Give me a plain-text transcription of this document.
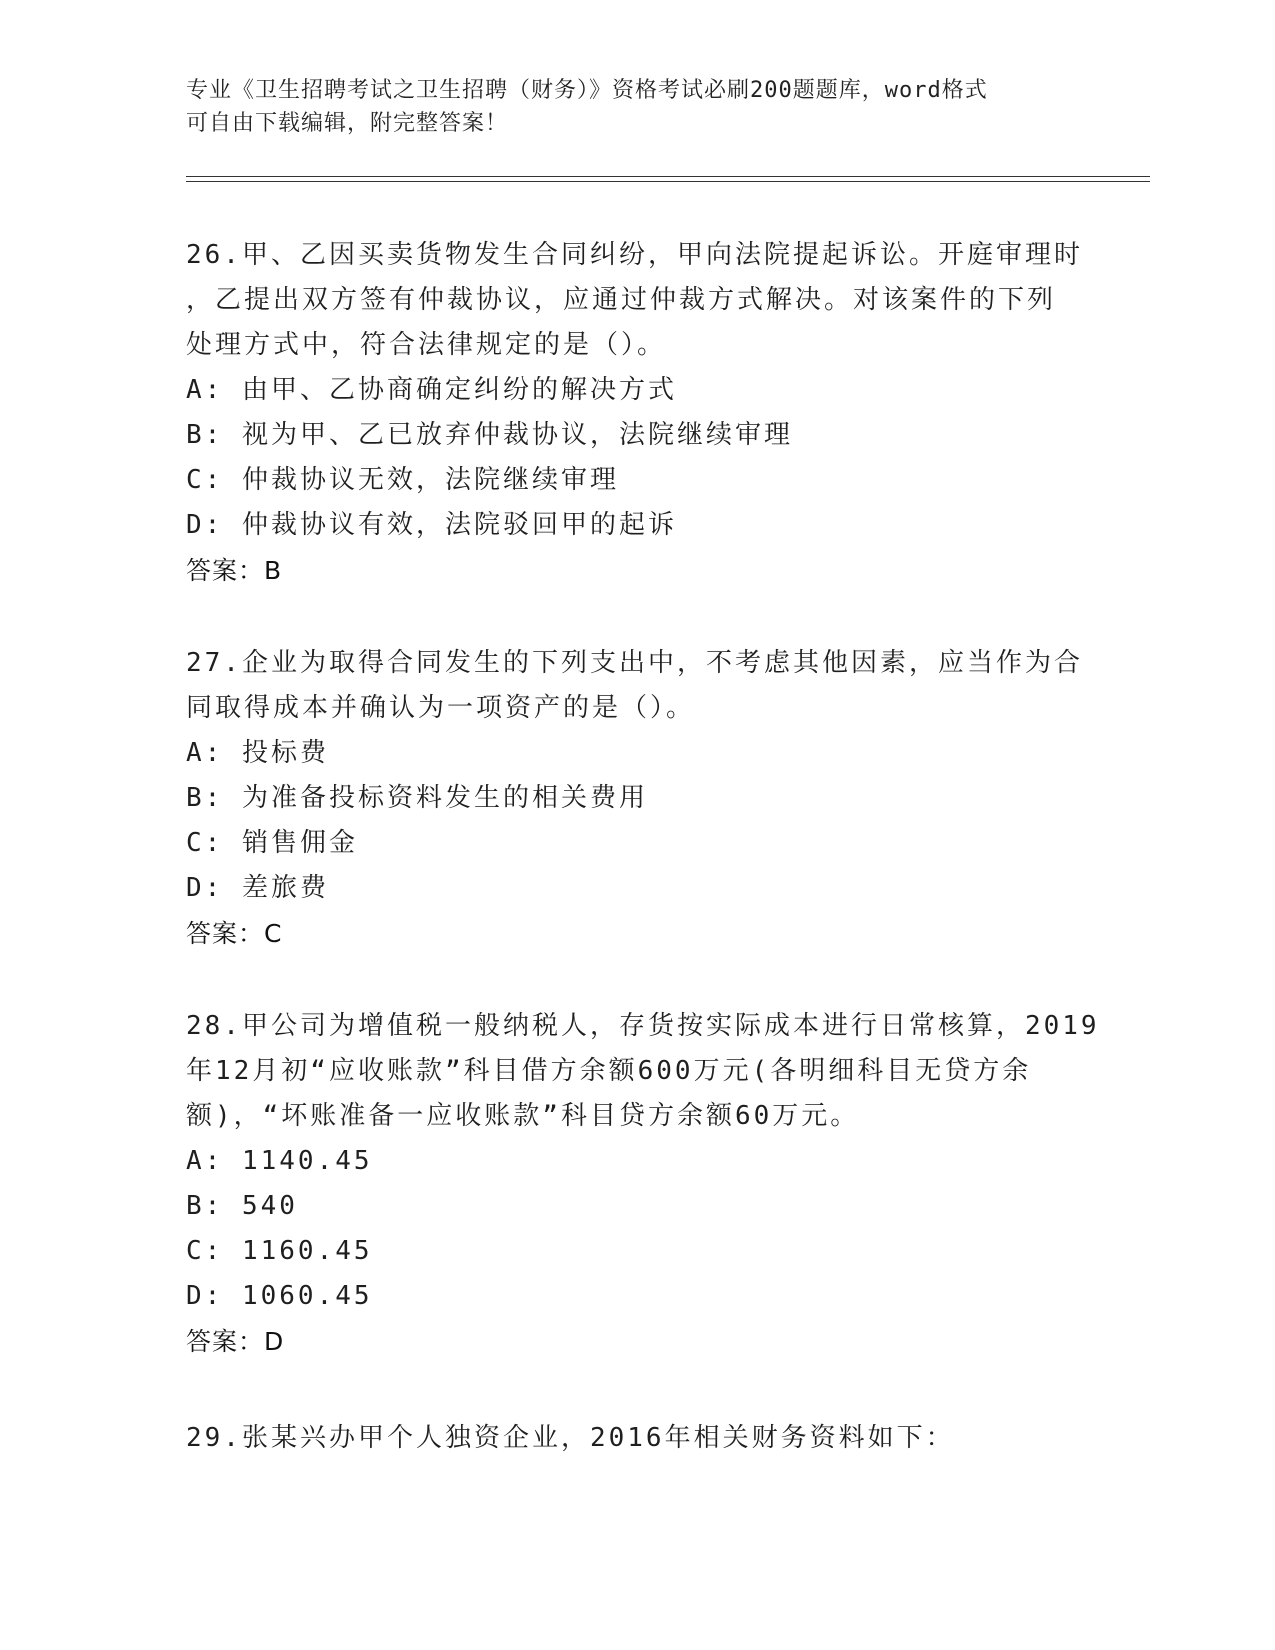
专业《卫生招聘考试之卫生招聘（财务）》资格考试必刷200题题库，word格式
可自由下载编辑，附完整答案！
26.甲、乙因买卖货物发生合同纠纷，甲向法院提起诉讼。开庭审理时
，乙提出双方签有仲裁协议，应通过仲裁方式解决。对该案件的下列
处理方式中，符合法律规定的是（）。
A: 由甲、乙协商确定纠纷的解决方式
B: 视为甲、乙已放弃仲裁协议，法院继续审理
C: 仲裁协议无效，法院继续审理
D: 仲裁协议有效，法院驳回甲的起诉
答案：B
27.企业为取得合同发生的下列支出中，不考虑其他因素，应当作为合
同取得成本并确认为一项资产的是（）。
A: 投标费
B: 为准备投标资料发生的相关费用
C: 销售佣金
D: 差旅费
答案：C
28.甲公司为增值税一般纳税人，存货按实际成本进行日常核算，2019
年12月初“应收账款”科目借方余额600万元(各明细科目无贷方余
额)，“坏账准备一应收账款”科目贷方余额60万元。
A: 1140.45
B: 540
C: 1160.45
D: 1060.45
答案：D
29.张某兴办甲个人独资企业，2016年相关财务资料如下：
